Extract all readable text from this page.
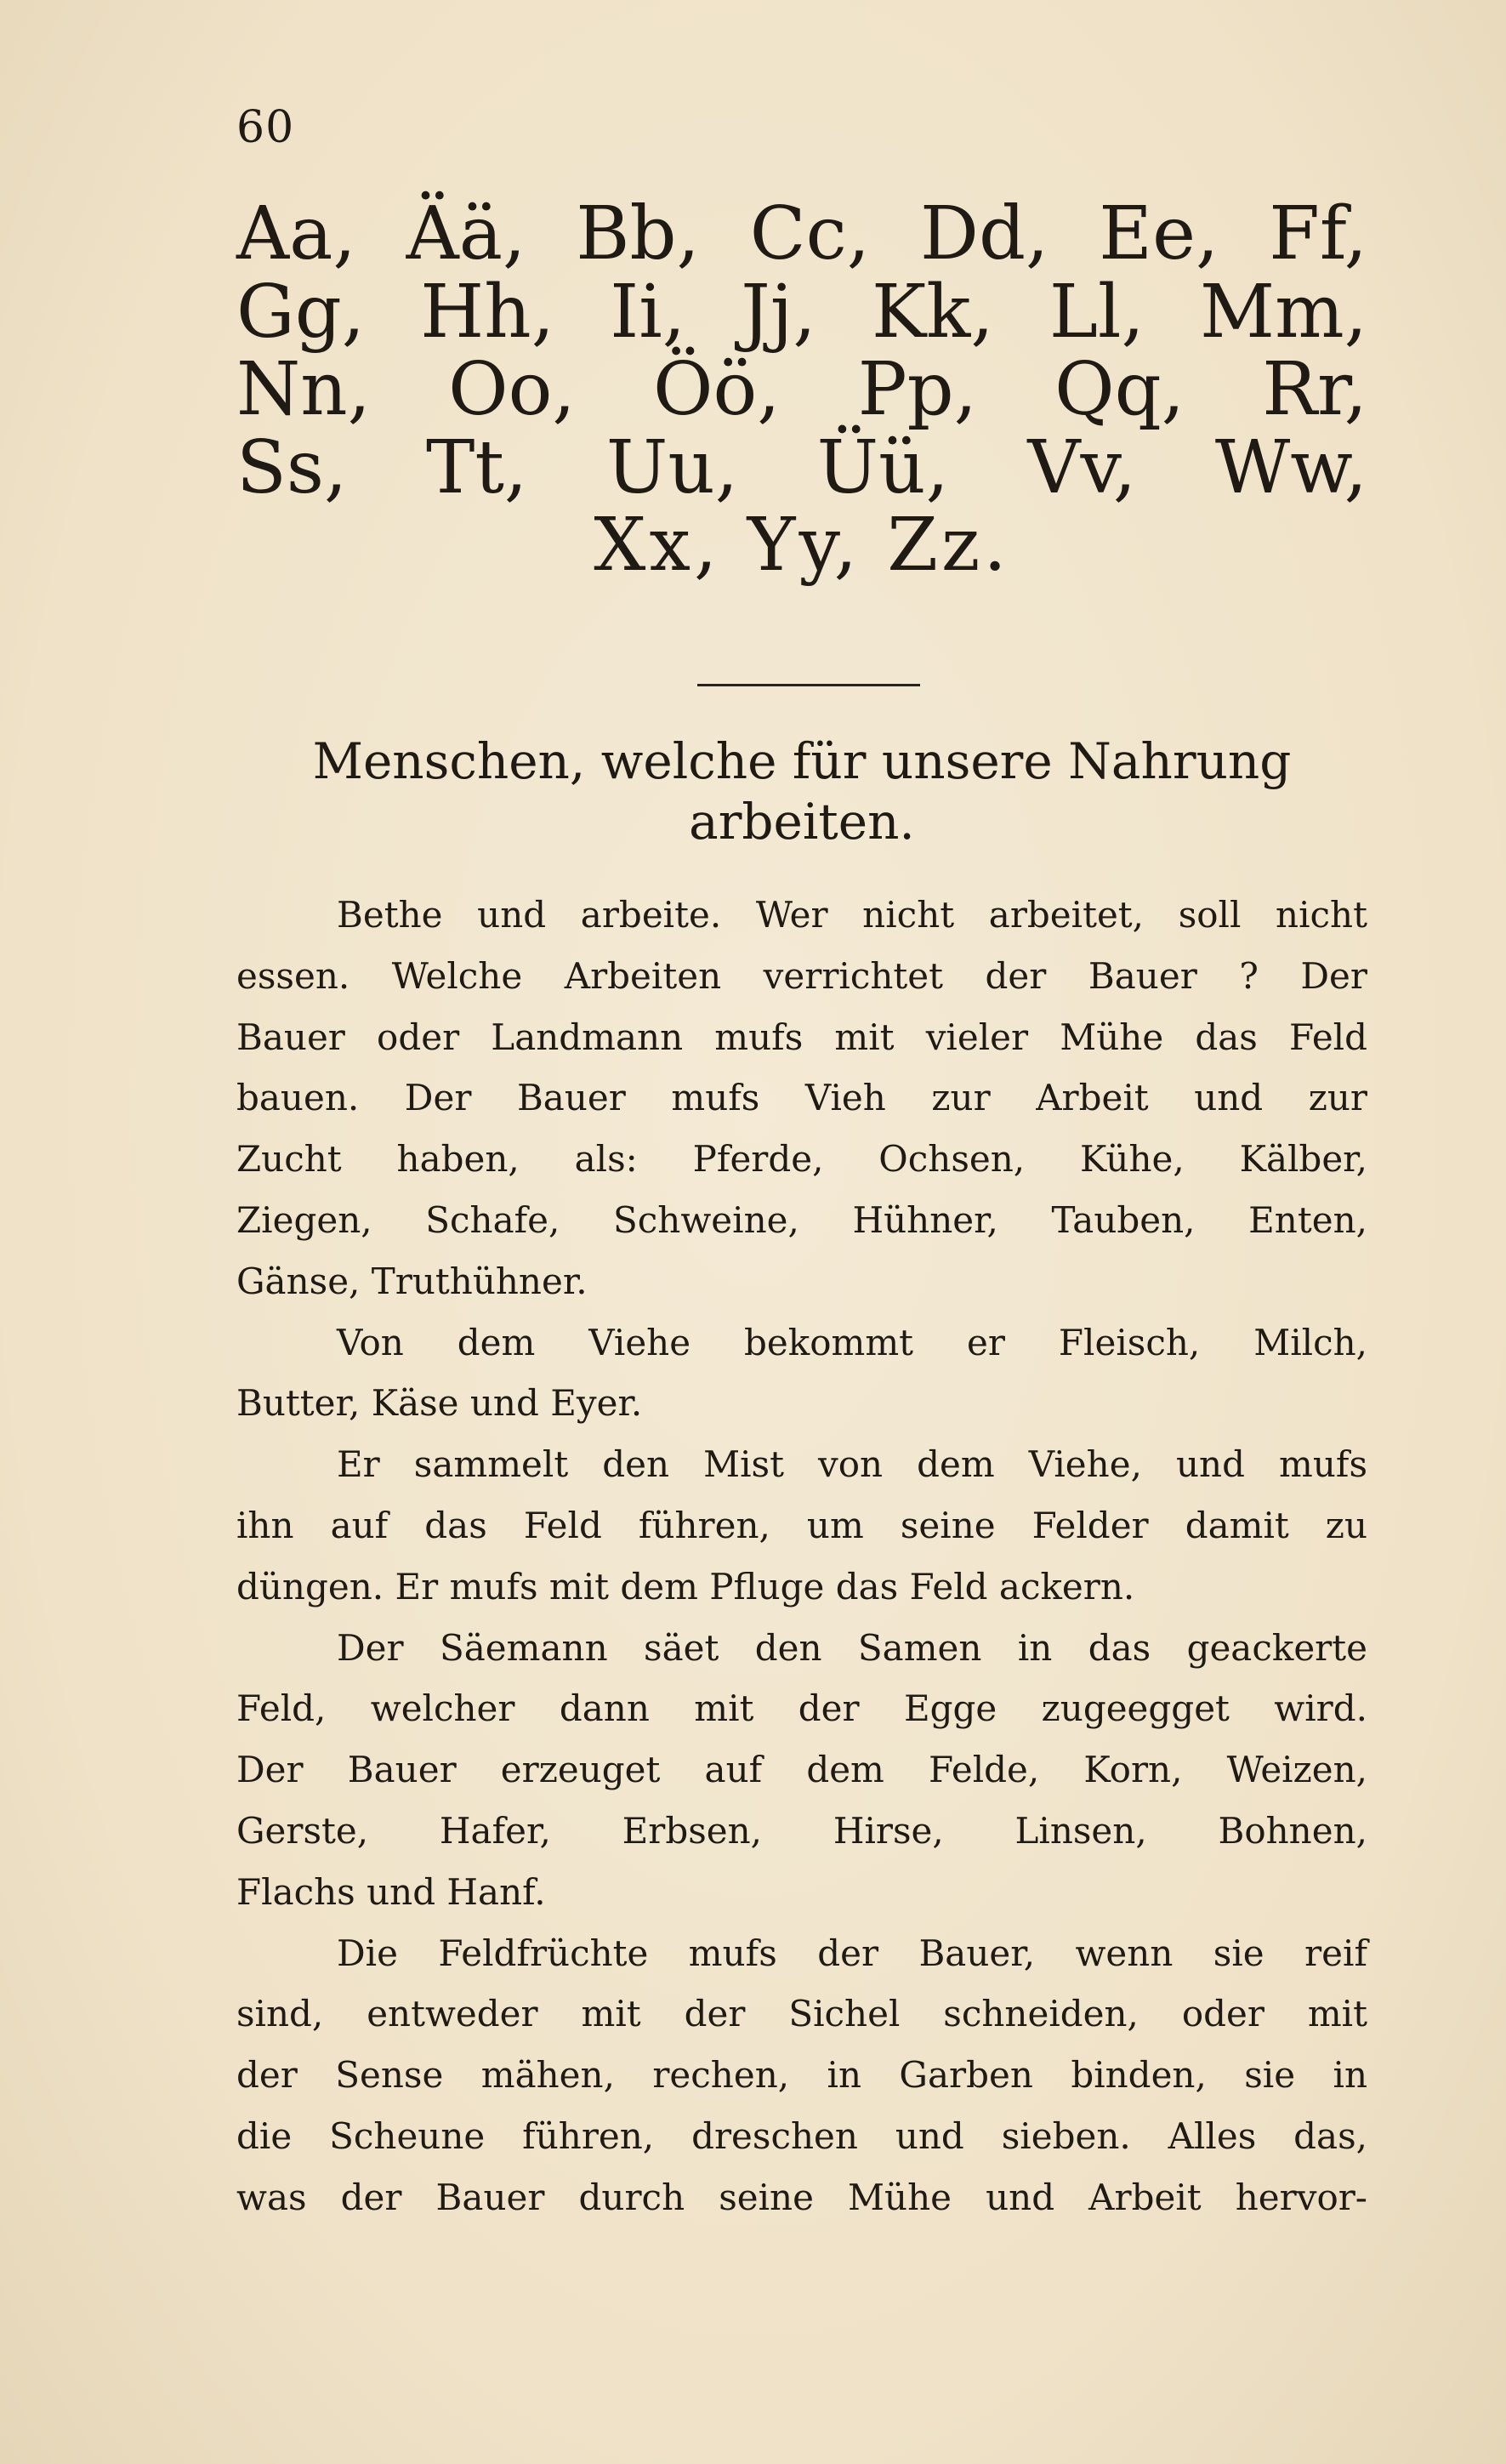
60
Aa, Ää, Bb, Cc, Dd, Ee, Ff,
Gg, Hh, Ii, Jj, Kk, Ll, Mm,
Nn, Oo, Öö, Pp, Qq, Rr,
Ss, Tt, Uu, Üü, Vv, Ww,
Xx, Yy, Zz.
Menschen, welche für unsere Nahrung
arbeiten.
Bethe und arbeite. Wer nicht arbeitet, soll nicht
essen. Welche Arbeiten verrichtet der Bauer ? Der
Bauer oder Landmann mufs mit vieler Mühe das Feld
bauen. Der Bauer mufs Vieh zur Arbeit und zur
Zucht haben, als: Pferde, Ochsen, Kühe, Kälber,
Ziegen, Schafe, Schweine, Hühner, Tauben, Enten,
Gänse, Truthühner.
Von dem Viehe bekommt er Fleisch, Milch,
Butter, Käse und Eyer.
Er sammelt den Mist von dem Viehe, und mufs
ihn auf das Feld führen, um seine Felder damit zu
düngen. Er mufs mit dem Pfluge das Feld ackern.
Der Säemann säet den Samen in das geackerte
Feld, welcher dann mit der Egge zugeegget wird.
Der Bauer erzeuget auf dem Felde, Korn, Weizen,
Gerste, Hafer, Erbsen, Hirse, Linsen, Bohnen,
Flachs und Hanf.
Die Feldfrüchte mufs der Bauer, wenn sie reif
sind, entweder mit der Sichel schneiden, oder mit
der Sense mähen, rechen, in Garben binden, sie in
die Scheune führen, dreschen und sieben. Alles das,
was der Bauer durch seine Mühe und Arbeit hervor-
